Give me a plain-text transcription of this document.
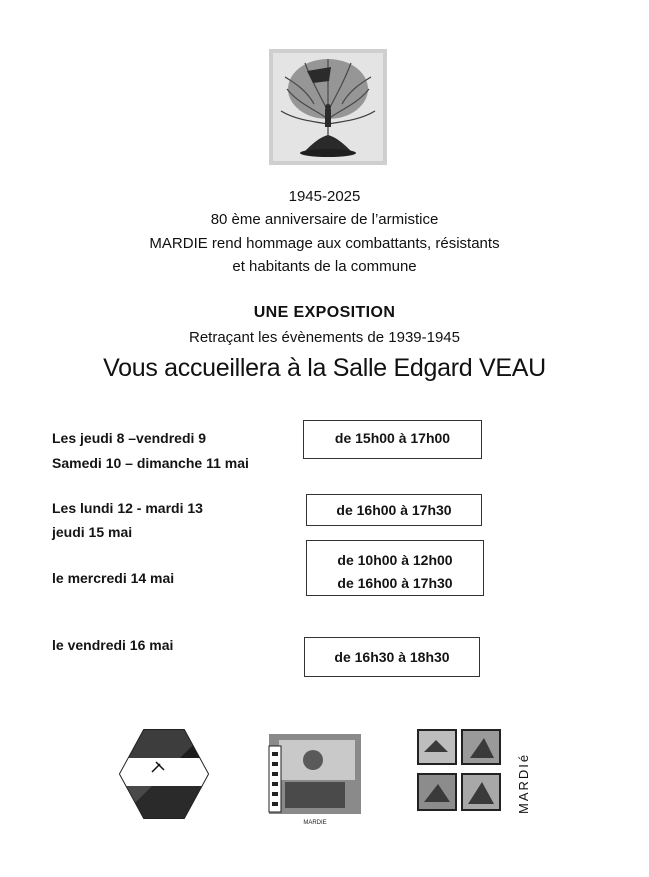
1945-2025
80 ème anniversaire de l’armistice
MARDIE rend hommage aux combattants, résistants
et habitants de la commune
UNE EXPOSITION
Retraçant les évènements de 1939-1945
Vous accueillera à la Salle Edgard VEAU
Les jeudi 8 –vendredi 9
Samedi 10 – dimanche 11 mai
de 15h00 à 17h00
Les lundi 12 - mardi 13
jeudi 15 mai
de 16h00 à 17h30
le mercredi 14 mai
de 10h00 à 12h00
de 16h00 à 17h30
le vendredi 16 mai
de 16h30 à 18h30
MARDIE
MARDIé
